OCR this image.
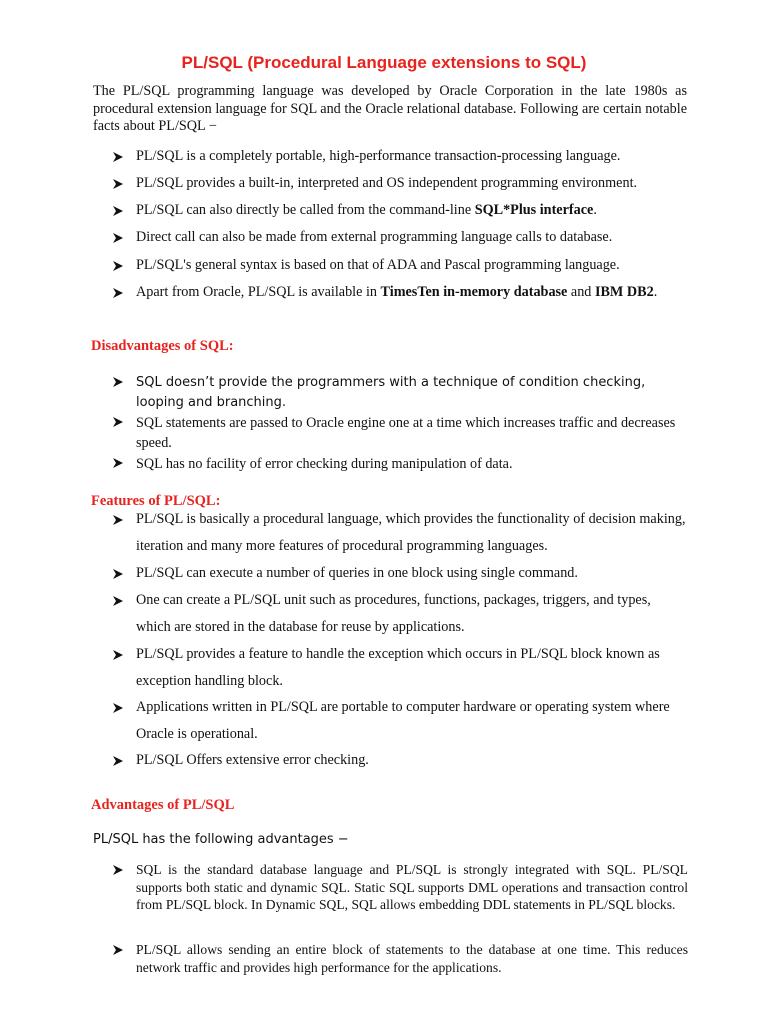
PL/SQL (Procedural Language extensions to SQL)
The PL/SQL programming language was developed by Oracle Corporation in the late 1980s as procedural extension language for SQL and the Oracle relational database. Following are certain notable facts about PL/SQL −
PL/SQL is a completely portable, high-performance transaction-processing language.
PL/SQL provides a built-in, interpreted and OS independent programming environment.
PL/SQL can also directly be called from the command-line SQL*Plus interface.
Direct call can also be made from external programming language calls to database.
PL/SQL's general syntax is based on that of ADA and Pascal programming language.
Apart from Oracle, PL/SQL is available in TimesTen in-memory database and IBM DB2.
Disadvantages of SQL:
SQL doesn’t provide the programmers with a technique of condition checking, looping and branching.
SQL statements are passed to Oracle engine one at a time which increases traffic and decreases speed.
SQL has no facility of error checking during manipulation of data.
Features of PL/SQL:
PL/SQL is basically a procedural language, which provides the functionality of decision making, iteration and many more features of procedural programming languages.
PL/SQL can execute a number of queries in one block using single command.
One can create a PL/SQL unit such as procedures, functions, packages, triggers, and types, which are stored in the database for reuse by applications.
PL/SQL provides a feature to handle the exception which occurs in PL/SQL block known as exception handling block.
Applications written in PL/SQL are portable to computer hardware or operating system where Oracle is operational.
PL/SQL Offers extensive error checking.
Advantages of PL/SQL
PL/SQL has the following advantages −
SQL is the standard database language and PL/SQL is strongly integrated with SQL. PL/SQL supports both static and dynamic SQL. Static SQL supports DML operations and transaction control from PL/SQL block. In Dynamic SQL, SQL allows embedding DDL statements in PL/SQL blocks.
PL/SQL allows sending an entire block of statements to the database at one time. This reduces network traffic and provides high performance for the applications.
